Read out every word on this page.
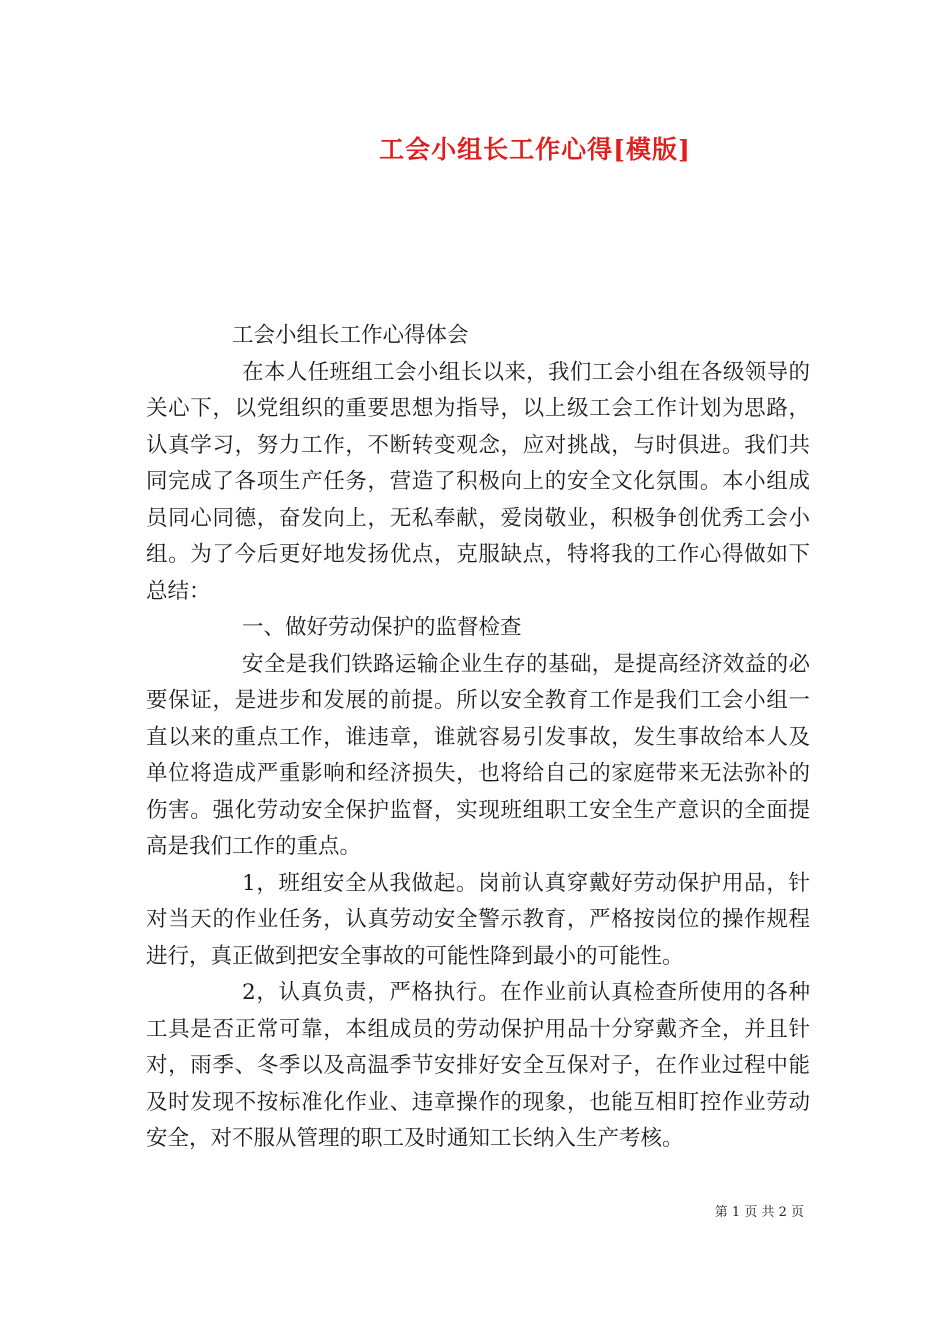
工会小组长工作心得[模版]

工会小组长工作心得体会

在本人任班组工会小组长以来，我们工会小组在各级领导的关心下，以党组织的重要思想为指导，以上级工会工作计划为思路，认真学习，努力工作，不断转变观念，应对挑战，与时俱进。我们共同完成了各项生产任务，营造了积极向上的安全文化氛围。本小组成员同心同德，奋发向上，无私奉献，爱岗敬业，积极争创优秀工会小组。为了今后更好地发扬优点，克服缺点，特将我的工作心得做如下总结：

一、做好劳动保护的监督检查

安全是我们铁路运输企业生存的基础，是提高经济效益的必要保证，是进步和发展的前提。所以安全教育工作是我们工会小组一直以来的重点工作，谁违章，谁就容易引发事故，发生事故给本人及单位将造成严重影响和经济损失，也将给自己的家庭带来无法弥补的伤害。强化劳动安全保护监督，实现班组职工安全生产意识的全面提高是我们工作的重点。

1，班组安全从我做起。岗前认真穿戴好劳动保护用品，针对当天的作业任务，认真劳动安全警示教育，严格按岗位的操作规程进行，真正做到把安全事故的可能性降到最小的可能性。

2，认真负责，严格执行。在作业前认真检查所使用的各种工具是否正常可靠，本组成员的劳动保护用品十分穿戴齐全，并且针对，雨季、冬季以及高温季节安排好安全互保对子，在作业过程中能及时发现不按标准化作业、违章操作的现象，也能互相盯控作业劳动安全，对不服从管理的职工及时通知工长纳入生产考核。

第 1 页 共 2 页
